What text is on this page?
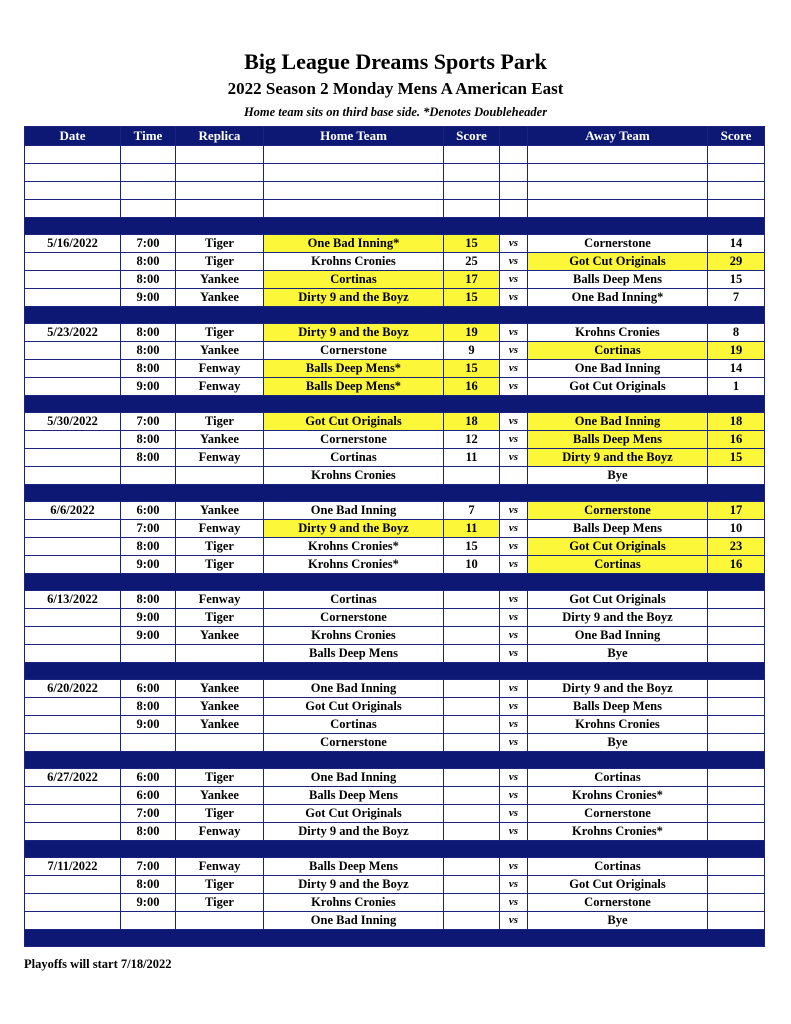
Big League Dreams Sports Park
2022 Season 2 Monday Mens A American East
Home team sits on third base side. *Denotes Doubleheader
Date	Time	Replica	Home Team	Score		Away Team	Score

5/16/2022	7:00	Tiger	One Bad Inning*	15	vs	Cornerstone	14
	8:00	Tiger	Krohns Cronies	25	vs	Got Cut Originals	29
	8:00	Yankee	Cortinas	17	vs	Balls Deep Mens	15
	9:00	Yankee	Dirty 9 and the Boyz	15	vs	One Bad Inning*	7

5/23/2022	8:00	Tiger	Dirty 9 and the Boyz	19	vs	Krohns Cronies	8
	8:00	Yankee	Cornerstone	9	vs	Cortinas	19
	8:00	Fenway	Balls Deep Mens*	15	vs	One Bad Inning	14
	9:00	Fenway	Balls Deep Mens*	16	vs	Got Cut Originals	1

5/30/2022	7:00	Tiger	Got Cut Originals	18	vs	One Bad Inning	18
	8:00	Yankee	Cornerstone	12	vs	Balls Deep Mens	16
	8:00	Fenway	Cortinas	11	vs	Dirty 9 and the Boyz	15
			Krohns Cronies			Bye	

6/6/2022	6:00	Yankee	One Bad Inning	7	vs	Cornerstone	17
	7:00	Fenway	Dirty 9 and the Boyz	11	vs	Balls Deep Mens	10
	8:00	Tiger	Krohns Cronies*	15	vs	Got Cut Originals	23
	9:00	Tiger	Krohns Cronies*	10	vs	Cortinas	16

6/13/2022	8:00	Fenway	Cortinas		vs	Got Cut Originals	
	9:00	Tiger	Cornerstone		vs	Dirty 9 and the Boyz	
	9:00	Yankee	Krohns Cronies		vs	One Bad Inning	
			Balls Deep Mens		vs	Bye	

6/20/2022	6:00	Yankee	One Bad Inning		vs	Dirty 9 and the Boyz	
	8:00	Yankee	Got Cut Originals		vs	Balls Deep Mens	
	9:00	Yankee	Cortinas		vs	Krohns Cronies	
			Cornerstone		vs	Bye	

6/27/2022	6:00	Tiger	One Bad Inning		vs	Cortinas	
	6:00	Yankee	Balls Deep Mens		vs	Krohns Cronies*	
	7:00	Tiger	Got Cut Originals		vs	Cornerstone	
	8:00	Fenway	Dirty 9 and the Boyz		vs	Krohns Cronies*	

7/11/2022	7:00	Fenway	Balls Deep Mens		vs	Cortinas	
	8:00	Tiger	Dirty 9 and the Boyz		vs	Got Cut Originals	
	9:00	Tiger	Krohns Cronies		vs	Cornerstone	
			One Bad Inning		vs	Bye	

Playoffs will start 7/18/2022
